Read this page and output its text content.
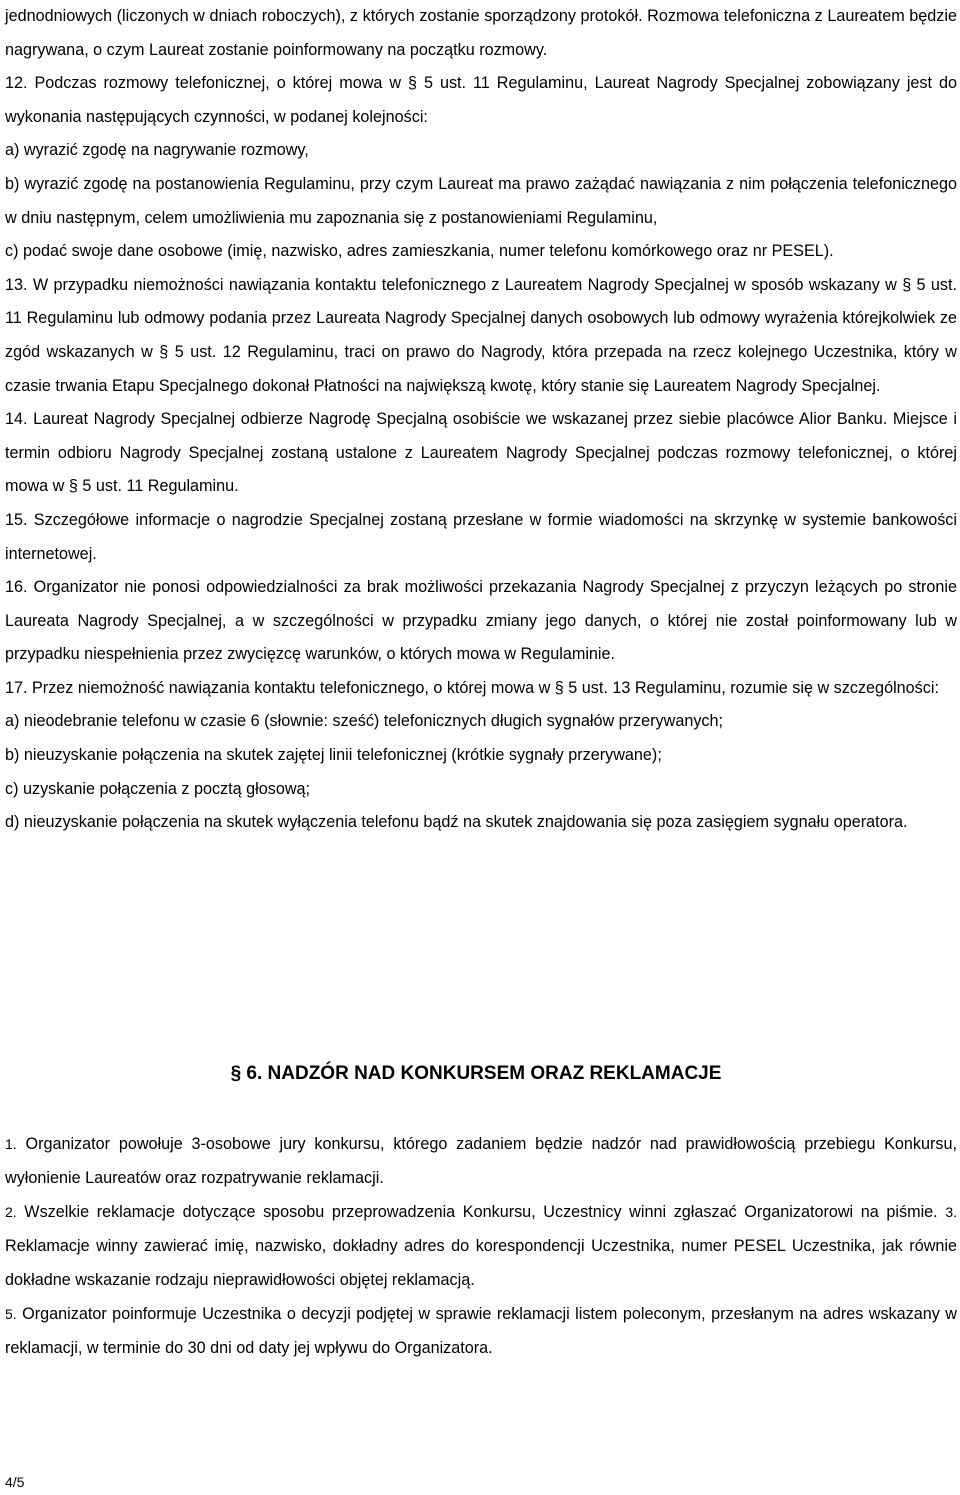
jednodniowych (liczonych w dniach roboczych), z których zostanie sporządzony protokół. Rozmowa telefoniczna z Laureatem będzie nagrywana, o czym Laureat zostanie poinformowany na początku rozmowy.

12. Podczas rozmowy telefonicznej, o której mowa w § 5 ust. 11 Regulaminu, Laureat Nagrody Specjalnej zobowiązany jest do wykonania następujących czynności, w podanej kolejności:

a) wyrazić zgodę na nagrywanie rozmowy,

b) wyrazić zgodę na postanowienia Regulaminu, przy czym Laureat ma prawo zażądać nawiązania z nim połączenia telefonicznego w dniu następnym, celem umożliwienia mu zapoznania się z postanowieniami Regulaminu,

c) podać swoje dane osobowe (imię, nazwisko, adres zamieszkania, numer telefonu komórkowego oraz nr PESEL).

13. W przypadku niemożności nawiązania kontaktu telefonicznego z Laureatem Nagrody Specjalnej w sposób wskazany w § 5 ust. 11 Regulaminu lub odmowy podania przez Laureata Nagrody Specjalnej danych osobowych lub odmowy wyrażenia którejkolwiek ze zgód wskazanych w § 5 ust. 12 Regulaminu, traci on prawo do Nagrody, która przepada na rzecz kolejnego Uczestnika, który w czasie trwania Etapu Specjalnego dokonał Płatności na największą kwotę, który stanie się Laureatem Nagrody Specjalnej.

14. Laureat Nagrody Specjalnej odbierze Nagrodę Specjalną osobiście we wskazanej przez siebie placówce Alior Banku. Miejsce i termin odbioru Nagrody Specjalnej zostaną ustalone z Laureatem Nagrody Specjalnej podczas rozmowy telefonicznej, o której mowa w § 5 ust. 11 Regulaminu.

15. Szczegółowe informacje o nagrodzie Specjalnej zostaną przesłane w formie wiadomości na skrzynkę w systemie bankowości internetowej.

16. Organizator nie ponosi odpowiedzialności za brak możliwości przekazania Nagrody Specjalnej z przyczyn leżących po stronie Laureata Nagrody Specjalnej, a w szczególności w przypadku zmiany jego danych, o której nie został poinformowany lub w przypadku niespełnienia przez zwycięzcę warunków, o których mowa w Regulaminie.

17. Przez niemożność nawiązania kontaktu telefonicznego, o której mowa w § 5 ust. 13 Regulaminu, rozumie się w szczególności:

a) nieodebranie telefonu w czasie 6 (słownie: sześć) telefonicznych długich sygnałów przerywanych;

b) nieuzyskanie połączenia na skutek zajętej linii telefonicznej (krótkie sygnały przerywane);

c) uzyskanie połączenia z pocztą głosową;

d) nieuzyskanie połączenia na skutek wyłączenia telefonu bądź na skutek znajdowania się poza zasięgiem sygnału operatora.

§ 6. NADZÓR NAD KONKURSEM ORAZ REKLAMACJE

1. Organizator powołuje 3-osobowe jury konkursu, którego zadaniem będzie nadzór nad prawidłowością przebiegu Konkursu, wyłonienie Laureatów oraz rozpatrywanie reklamacji.

2. Wszelkie reklamacje dotyczące sposobu przeprowadzenia Konkursu, Uczestnicy winni zgłaszać Organizatorowi na piśmie. 3. Reklamacje winny zawierać imię, nazwisko, dokładny adres do korespondencji Uczestnika, numer PESEL Uczestnika, jak równie dokładne wskazanie rodzaju nieprawidłowości objętej reklamacją.

5. Organizator poinformuje Uczestnika o decyzji podjętej w sprawie reklamacji listem poleconym, przesłanym na adres wskazany w reklamacji, w terminie do 30 dni od daty jej wpływu do Organizatora.

4/5
